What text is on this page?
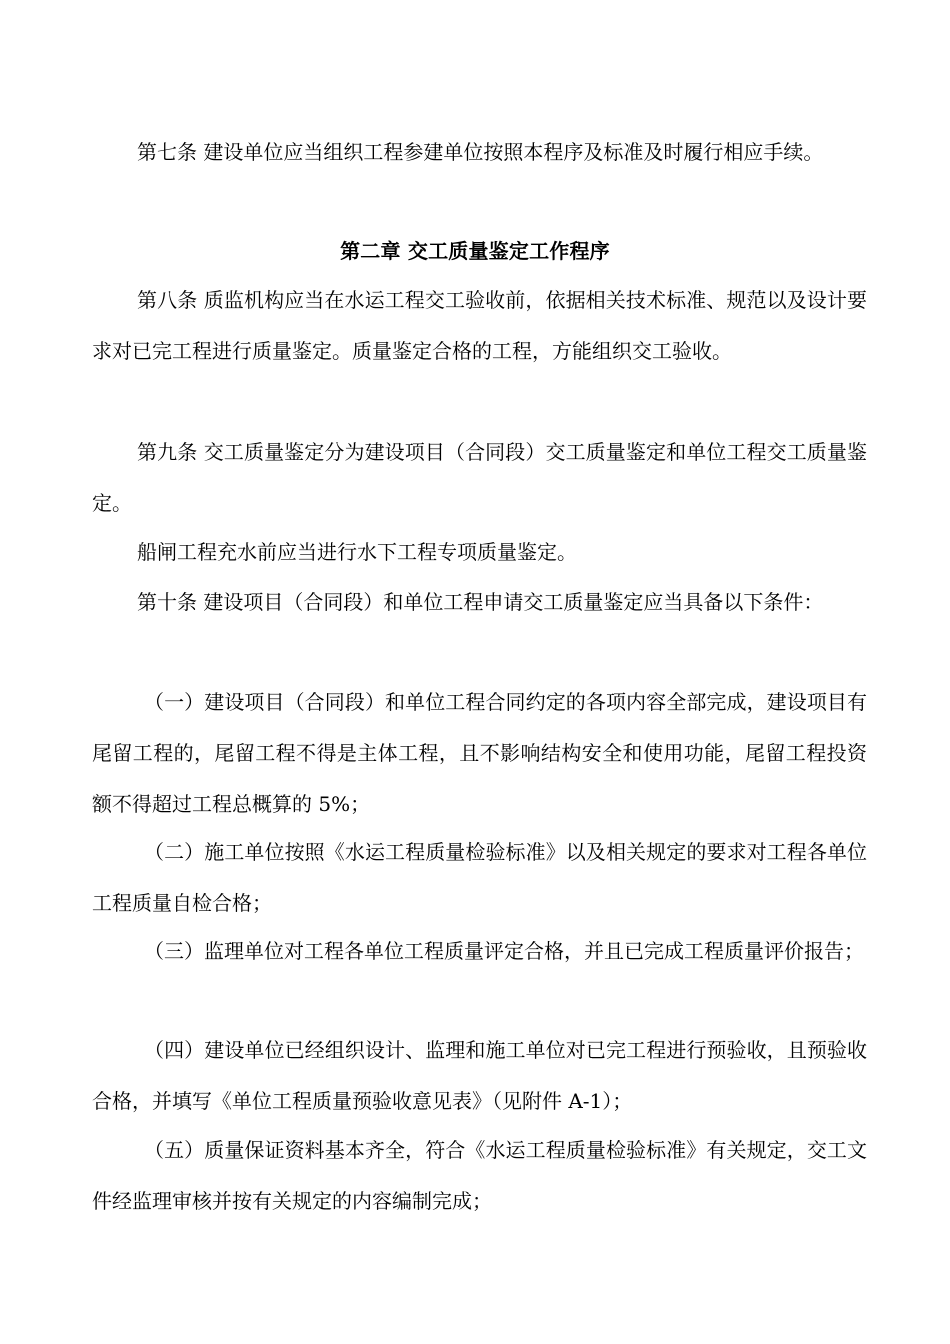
第七条 建设单位应当组织工程参建单位按照本程序及标准及时履行相应手续。

第二章 交工质量鉴定工作程序

第八条 质监机构应当在水运工程交工验收前，依据相关技术标准、规范以及设计要求对已完工程进行质量鉴定。质量鉴定合格的工程，方能组织交工验收。

第九条 交工质量鉴定分为建设项目（合同段）交工质量鉴定和单位工程交工质量鉴定。

船闸工程充水前应当进行水下工程专项质量鉴定。

第十条 建设项目（合同段）和单位工程申请交工质量鉴定应当具备以下条件：

（一）建设项目（合同段）和单位工程合同约定的各项内容全部完成，建设项目有尾留工程的，尾留工程不得是主体工程，且不影响结构安全和使用功能，尾留工程投资额不得超过工程总概算的 5%；

（二）施工单位按照《水运工程质量检验标准》以及相关规定的要求对工程各单位工程质量自检合格；

（三）监理单位对工程各单位工程质量评定合格，并且已完成工程质量评价报告；

（四）建设单位已经组织设计、监理和施工单位对已完工程进行预验收，且预验收合格，并填写《单位工程质量预验收意见表》（见附件 A-1）；

（五）质量保证资料基本齐全，符合《水运工程质量检验标准》有关规定，交工文件经监理审核并按有关规定的内容编制完成；
